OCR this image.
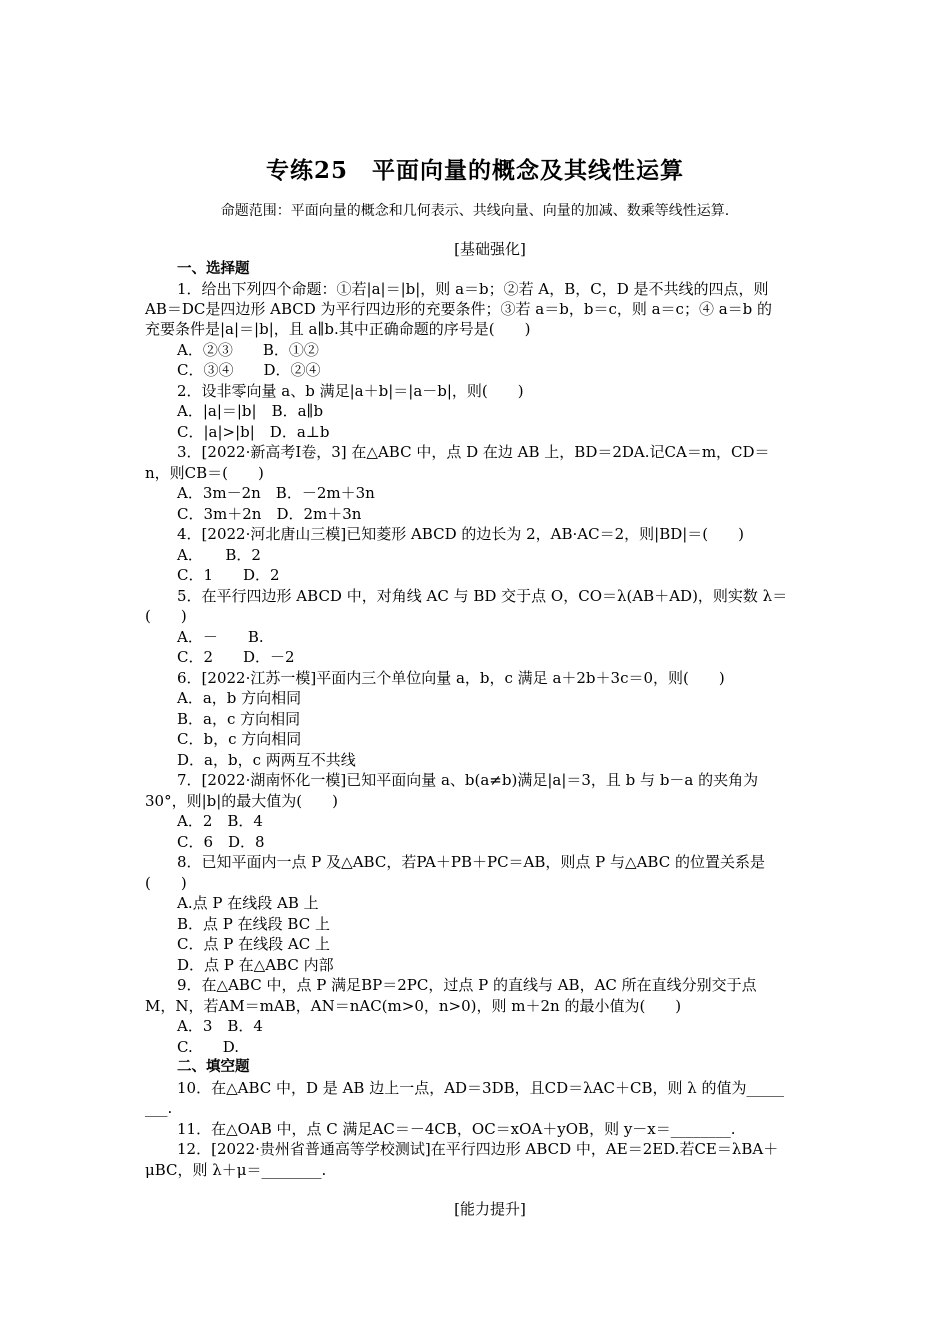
专练25　平面向量的概念及其线性运算
命题范围：平面向量的概念和几何表示、共线向量、向量的加减、数乘等线性运算.
[基础强化]
一、选择题
1．给出下列四个命题：①若|a|＝|b|，则 a＝b；②若 A，B，C，D 是不共线的四点，则
AB＝DC是四边形 ABCD 为平行四边形的充要条件；③若 a＝b，b＝c，则 a＝c；④ a＝b 的
充要条件是|a|＝|b|，且 a∥b.其中正确命题的序号是(　　)
A．②③　　B．①②
C．③④　　D．②④
2．设非零向量 a、b 满足|a＋b|＝|a－b|，则(　　)
A．|a|＝|b|　B．a∥b
C．|a|>|b|　D．a⊥b
3．[2022·新高考Ⅰ卷，3] 在△ABC 中，点 D 在边 AB 上，BD＝2DA.记CA＝m，CD＝
n，则CB＝(　　)
A．3m－2n　B．－2m＋3n
C．3m＋2n　D．2m＋3n
4．[2022·河北唐山三模]已知菱形 ABCD 的边长为 2，AB·AC＝2，则|BD|＝(　　)
A．　　B．2
C．1　　D．2
5．在平行四边形 ABCD 中，对角线 AC 与 BD 交于点 O，CO＝λ(AB＋AD)，则实数 λ＝
(　　)
A．－　　B.
C．2　　D．－2
6．[2022·江苏一模]平面内三个单位向量 a，b，c 满足 a＋2b＋3c＝0，则(　　)
A．a，b 方向相同
B．a，c 方向相同
C．b，c 方向相同
D．a，b，c 两两互不共线
7．[2022·湖南怀化一模]已知平面向量 a、b(a≠b)满足|a|＝3，且 b 与 b－a 的夹角为
30°，则|b|的最大值为(　　)
A．2　B．4
C．6　D．8
8．已知平面内一点 P 及△ABC，若PA＋PB＋PC＝AB，则点 P 与△ABC 的位置关系是
(　　)
A.点 P 在线段 AB 上
B．点 P 在线段 BC 上
C．点 P 在线段 AC 上
D．点 P 在△ABC 内部
9．在△ABC 中，点 P 满足BP＝2PC，过点 P 的直线与 AB，AC 所在直线分别交于点
M，N，若AM＝mAB，AN＝nAC(m>0，n>0)，则 m＋2n 的最小值为(　　)
A．3　B．4
C.　　D.
二、填空题
10．在△ABC 中，D 是 AB 边上一点，AD＝3DB，且CD＝λAC＋CB，则 λ 的值为_____
___.
11．在△OAB 中，点 C 满足AC＝－4CB，OC＝xOA＋yOB，则 y－x＝________.
12．[2022·贵州省普通高等学校测试]在平行四边形 ABCD 中，AE＝2ED.若CE＝λBA＋
μBC，则 λ＋μ＝________.
[能力提升]
